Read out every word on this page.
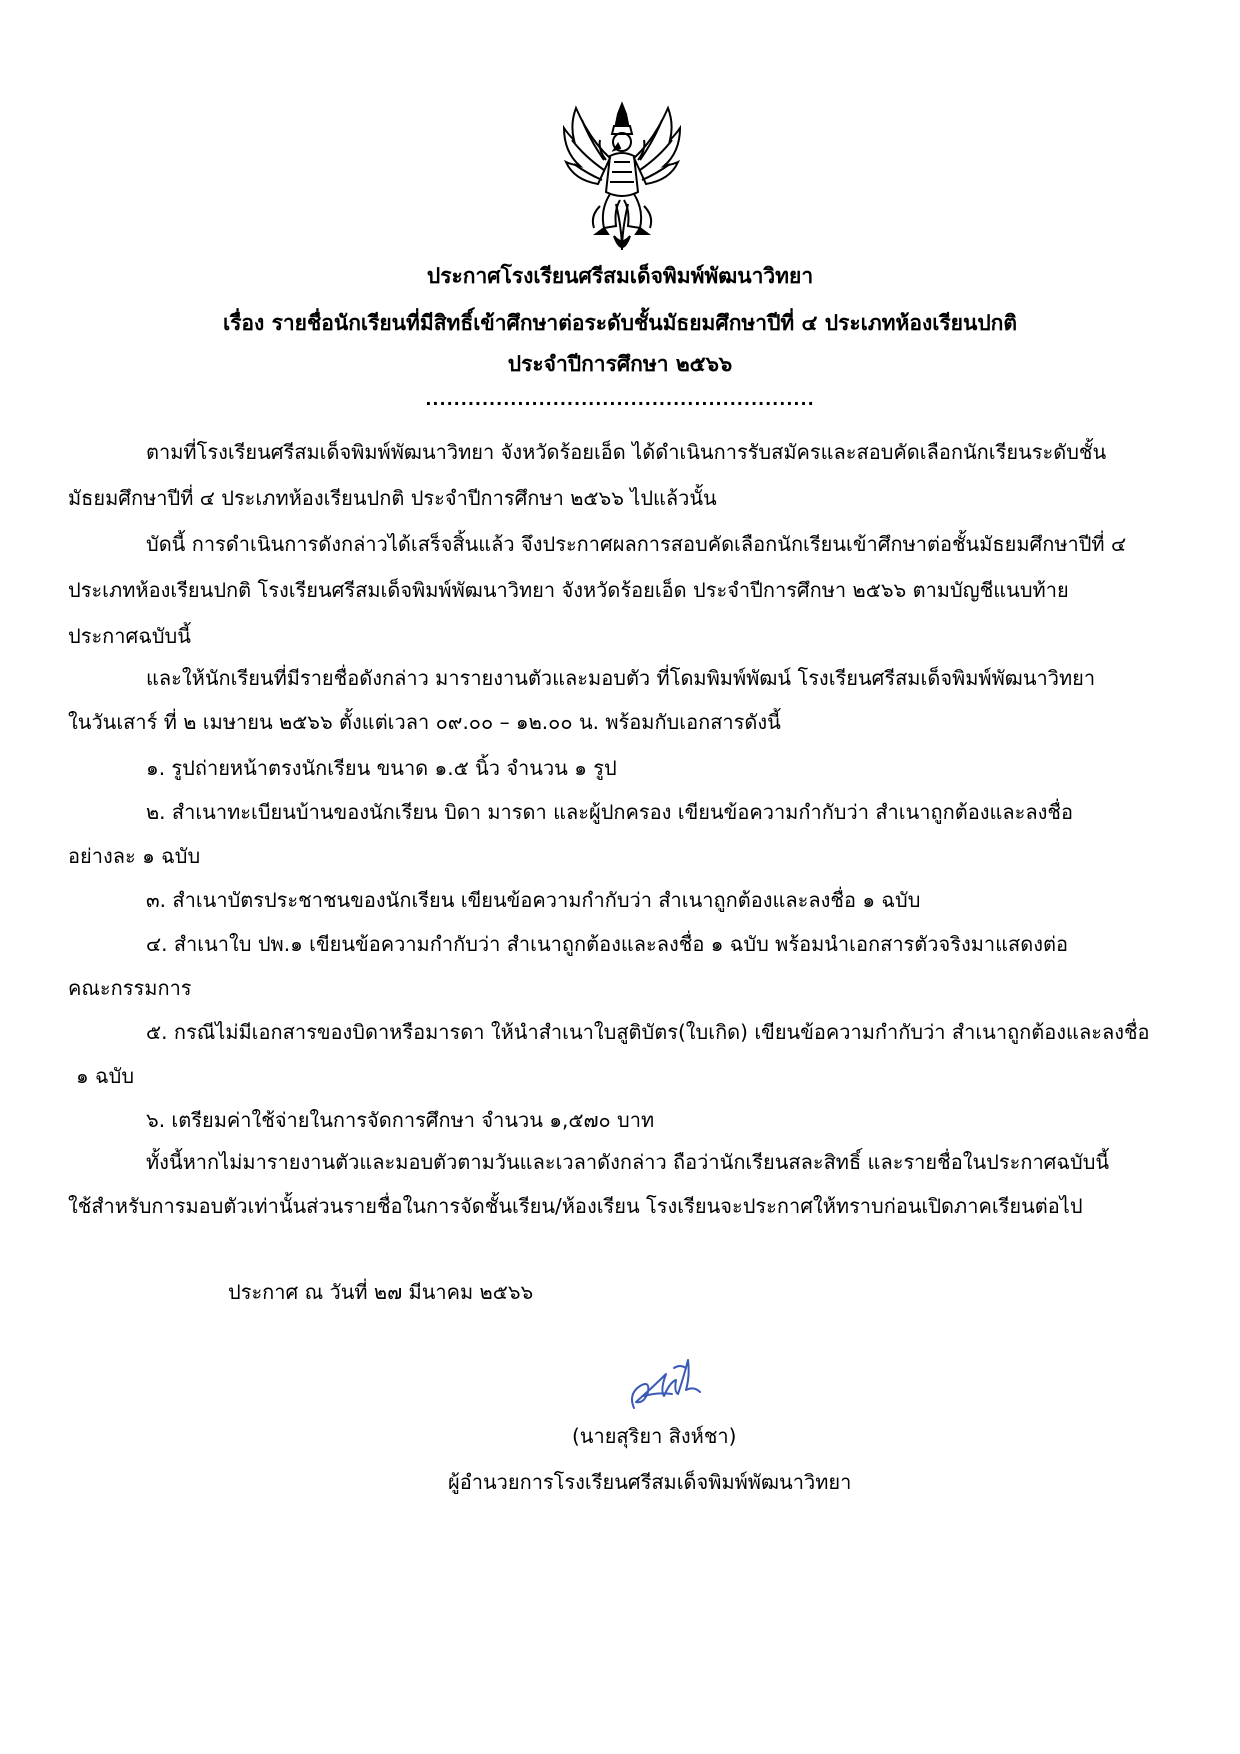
ประกาศโรงเรียนศรีสมเด็จพิมพ์พัฒนาวิทยา
เรื่อง รายชื่อนักเรียนที่มีสิทธิ์เข้าศึกษาต่อระดับชั้นมัธยมศึกษาปีที่ ๔ ประเภทห้องเรียนปกติ
ประจำปีการศึกษา ๒๕๖๖
.......................................................
ตามที่โรงเรียนศรีสมเด็จพิมพ์พัฒนาวิทยา จังหวัดร้อยเอ็ด ได้ดำเนินการรับสมัครและสอบคัดเลือกนักเรียนระดับชั้น
มัธยมศึกษาปีที่ ๔ ประเภทห้องเรียนปกติ ประจำปีการศึกษา ๒๕๖๖ ไปแล้วนั้น
บัดนี้ การดำเนินการดังกล่าวได้เสร็จสิ้นแล้ว จึงประกาศผลการสอบคัดเลือกนักเรียนเข้าศึกษาต่อชั้นมัธยมศึกษาปีที่ ๔
ประเภทห้องเรียนปกติ โรงเรียนศรีสมเด็จพิมพ์พัฒนาวิทยา จังหวัดร้อยเอ็ด ประจำปีการศึกษา ๒๕๖๖ ตามบัญชีแนบท้าย
ประกาศฉบับนี้
และให้นักเรียนที่มีรายชื่อดังกล่าว มารายงานตัวและมอบตัว ที่โดมพิมพ์พัฒน์ โรงเรียนศรีสมเด็จพิมพ์พัฒนาวิทยา
ในวันเสาร์ ที่ ๒ เมษายน ๒๕๖๖ ตั้งแต่เวลา ๐๙.๐๐ – ๑๒.๐๐ น. พร้อมกับเอกสารดังนี้
๑. รูปถ่ายหน้าตรงนักเรียน ขนาด ๑.๕ นิ้ว จำนวน ๑ รูป
๒. สำเนาทะเบียนบ้านของนักเรียน บิดา มารดา และผู้ปกครอง เขียนข้อความกำกับว่า สำเนาถูกต้องและลงชื่อ
อย่างละ ๑ ฉบับ
๓. สำเนาบัตรประชาชนของนักเรียน เขียนข้อความกำกับว่า สำเนาถูกต้องและลงชื่อ ๑ ฉบับ
๔. สำเนาใบ ปพ.๑ เขียนข้อความกำกับว่า สำเนาถูกต้องและลงชื่อ ๑ ฉบับ พร้อมนำเอกสารตัวจริงมาแสดงต่อ
คณะกรรมการ
๕. กรณีไม่มีเอกสารของบิดาหรือมารดา ให้นำสำเนาใบสูติบัตร(ใบเกิด) เขียนข้อความกำกับว่า สำเนาถูกต้องและลงชื่อ
๑ ฉบับ
๖. เตรียมค่าใช้จ่ายในการจัดการศึกษา จำนวน ๑,๕๗๐ บาท
ทั้งนี้หากไม่มารายงานตัวและมอบตัวตามวันและเวลาดังกล่าว ถือว่านักเรียนสละสิทธิ์ และรายชื่อในประกาศฉบับนี้
ใช้สำหรับการมอบตัวเท่านั้นส่วนรายชื่อในการจัดชั้นเรียน/ห้องเรียน โรงเรียนจะประกาศให้ทราบก่อนเปิดภาคเรียนต่อไป
ประกาศ ณ วันที่ ๒๗ มีนาคม ๒๕๖๖
(นายสุริยา สิงห์ชา)
ผู้อำนวยการโรงเรียนศรีสมเด็จพิมพ์พัฒนาวิทยา
